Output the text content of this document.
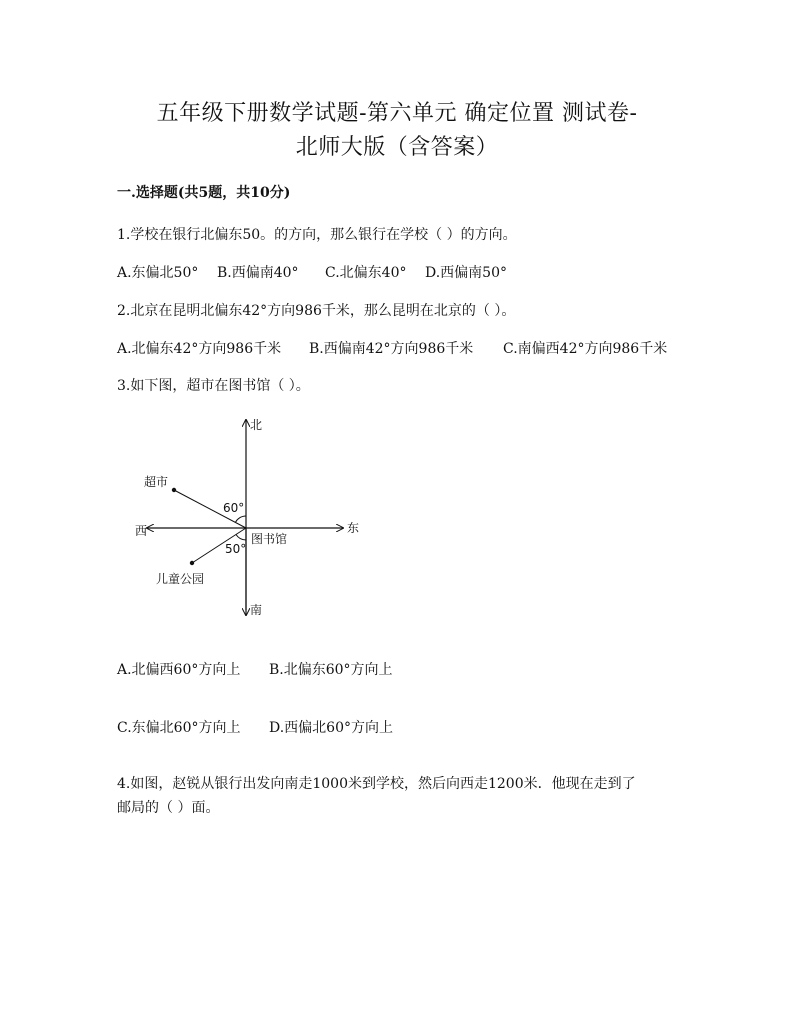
五年级下册数学试题-第六单元 确定位置 测试卷-
北师大版（含答案）
一.选择题(共5题，共10分)
1.学校在银行北偏东50。的方向，那么银行在学校（ ）的方向。
A.东偏北50° B.西偏南40° C.北偏东40° D.西偏南50°
2.北京在昆明北偏东42°方向986千米，那么昆明在北京的（ ）。
A.北偏东42°方向986千米 B.西偏南42°方向986千米 C.南偏西42°方向986千米
3.如下图，超市在图书馆（ ）。
北
南
东
西
超市
图书馆
儿童公园
60°
50°
A.北偏西60°方向上 B.北偏东60°方向上
C.东偏北60°方向上 D.西偏北60°方向上
4.如图，赵锐从银行出发向南走1000米到学校，然后向西走1200米．他现在走到了
邮局的（ ）面。
